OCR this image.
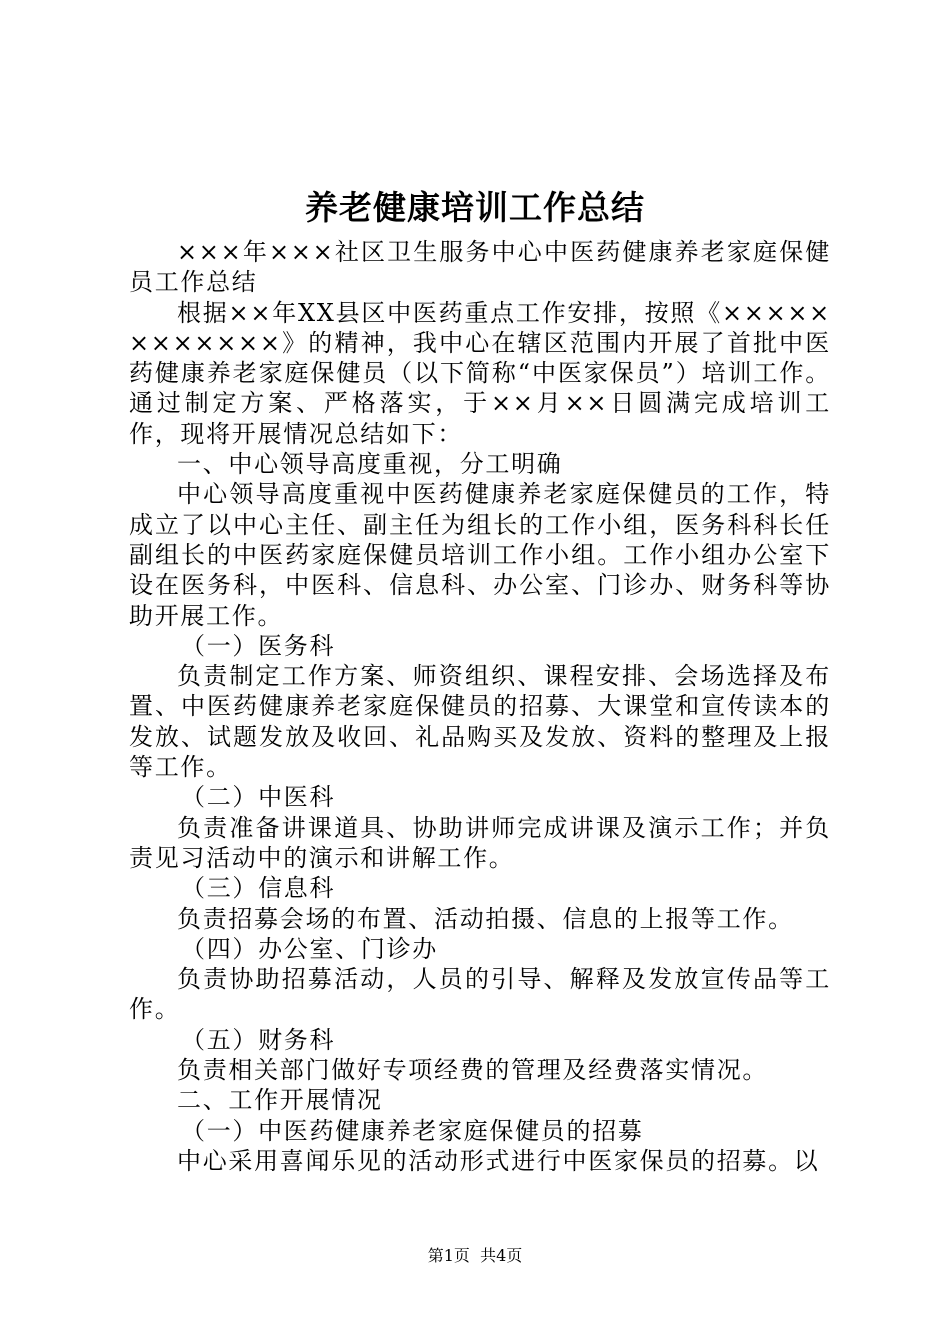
养老健康培训工作总结

×××年×××社区卫生服务中心中医药健康养老家庭保健员工作总结

根据××年XX县区中医药重点工作安排，按照《××××××××××××》的精神，我中心在辖区范围内开展了首批中医药健康养老家庭保健员（以下简称“中医家保员”）培训工作。通过制定方案、严格落实，于××月××日圆满完成培训工作，现将开展情况总结如下：

一、中心领导高度重视，分工明确

中心领导高度重视中医药健康养老家庭保健员的工作，特成立了以中心主任、副主任为组长的工作小组，医务科科长任副组长的中医药家庭保健员培训工作小组。工作小组办公室下设在医务科，中医科、信息科、办公室、门诊办、财务科等协助开展工作。

（一）医务科

负责制定工作方案、师资组织、课程安排、会场选择及布置、中医药健康养老家庭保健员的招募、大课堂和宣传读本的发放、试题发放及收回、礼品购买及发放、资料的整理及上报等工作。

（二）中医科

负责准备讲课道具、协助讲师完成讲课及演示工作；并负责见习活动中的演示和讲解工作。

（三）信息科

负责招募会场的布置、活动拍摄、信息的上报等工作。

（四）办公室、门诊办

负责协助招募活动，人员的引导、解释及发放宣传品等工作。

（五）财务科

负责相关部门做好专项经费的管理及经费落实情况。

二、工作开展情况

（一）中医药健康养老家庭保健员的招募

中心采用喜闻乐见的活动形式进行中医家保员的招募。以

第1页  共4页
